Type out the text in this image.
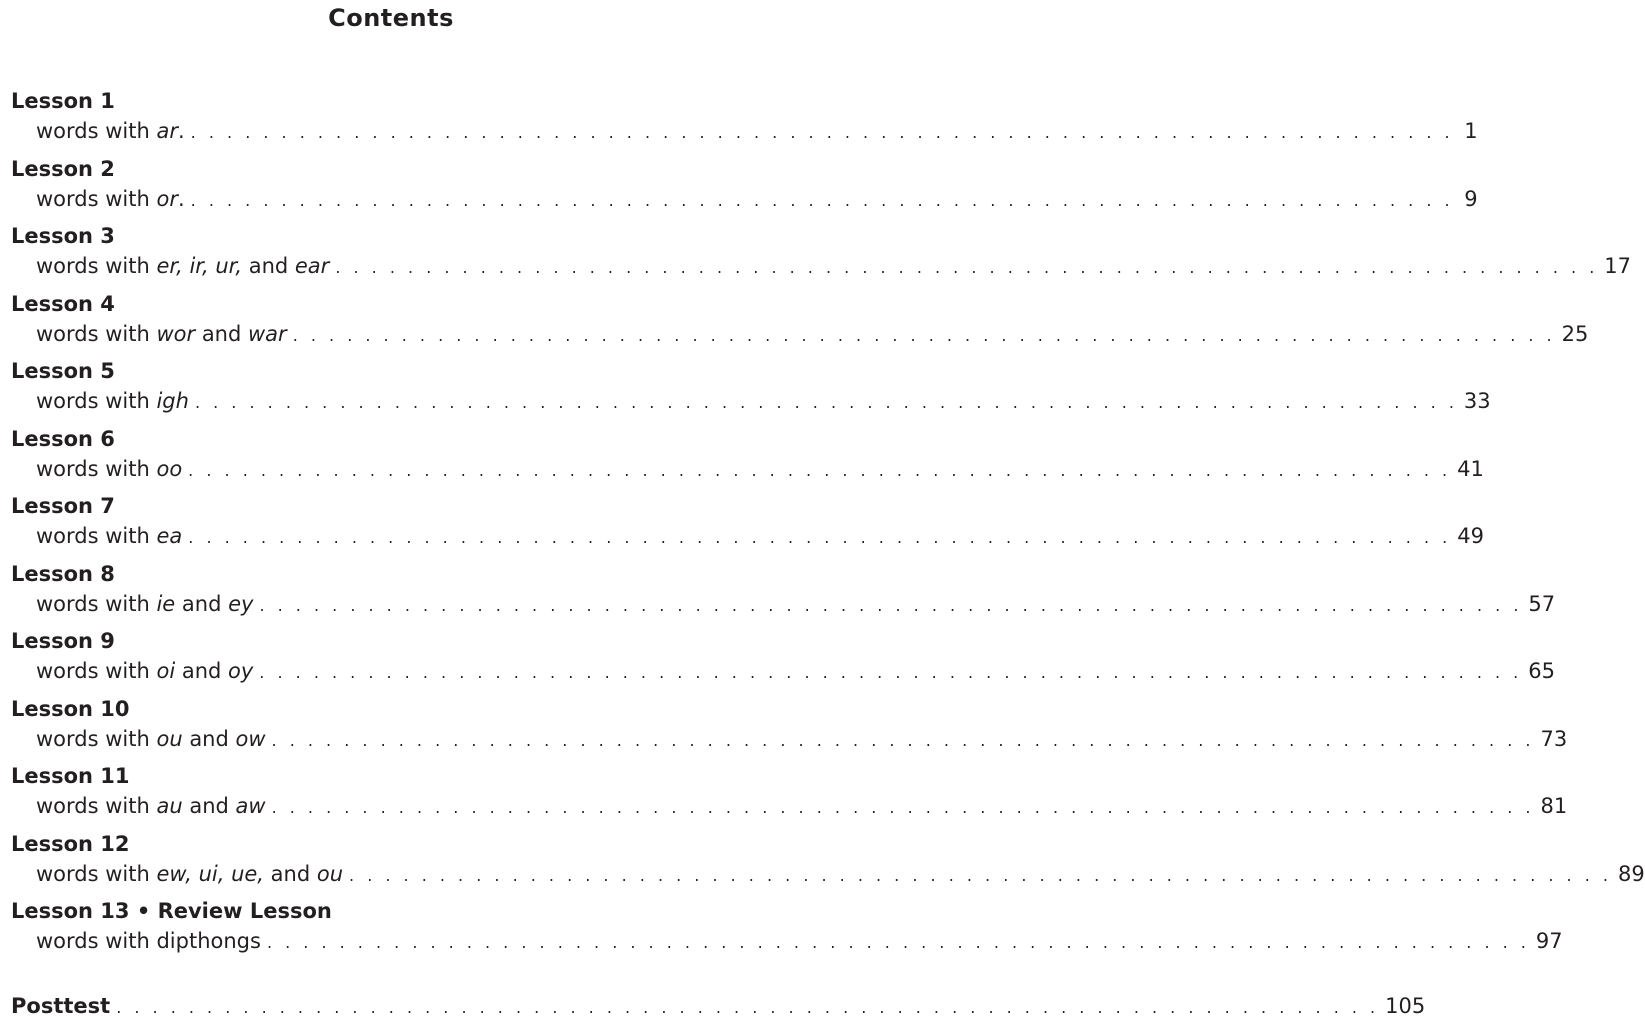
Contents
Lesson 1
words with ar. . . . . . . . . . . . . . . . . . . . . . . . . . . . . . . . . . . . . . . . . . . . . . . . . . . . . . . . . . . . . . . . . . . . . . . 1
Lesson 2
words with or. . . . . . . . . . . . . . . . . . . . . . . . . . . . . . . . . . . . . . . . . . . . . . . . . . . . . . . . . . . . . . . . . . . . . . . 9
Lesson 3
words with er, ir, ur, and ear . . . . . . . . . . . . . . . . . . . . . . . . . . . . . . . . . . . . . . . . . . . . . . . . . . . . . . . . . . . . . . . . . . . . . . 17
Lesson 4
words with wor and war . . . . . . . . . . . . . . . . . . . . . . . . . . . . . . . . . . . . . . . . . . . . . . . . . . . . . . . . . . . . . . . . . . . . . . 25
Lesson 5
words with igh . . . . . . . . . . . . . . . . . . . . . . . . . . . . . . . . . . . . . . . . . . . . . . . . . . . . . . . . . . . . . . . . . . . . . . 33
Lesson 6
words with oo . . . . . . . . . . . . . . . . . . . . . . . . . . . . . . . . . . . . . . . . . . . . . . . . . . . . . . . . . . . . . . . . . . . . . . 41
Lesson 7
words with ea . . . . . . . . . . . . . . . . . . . . . . . . . . . . . . . . . . . . . . . . . . . . . . . . . . . . . . . . . . . . . . . . . . . . . . 49
Lesson 8
words with ie and ey . . . . . . . . . . . . . . . . . . . . . . . . . . . . . . . . . . . . . . . . . . . . . . . . . . . . . . . . . . . . . . . . . . . . . . 57
Lesson 9
words with oi and oy . . . . . . . . . . . . . . . . . . . . . . . . . . . . . . . . . . . . . . . . . . . . . . . . . . . . . . . . . . . . . . . . . . . . . . 65
Lesson 10
words with ou and ow . . . . . . . . . . . . . . . . . . . . . . . . . . . . . . . . . . . . . . . . . . . . . . . . . . . . . . . . . . . . . . . . . . . . . . 73
Lesson 11
words with au and aw . . . . . . . . . . . . . . . . . . . . . . . . . . . . . . . . . . . . . . . . . . . . . . . . . . . . . . . . . . . . . . . . . . . . . . 81
Lesson 12
words with ew, ui, ue, and ou . . . . . . . . . . . . . . . . . . . . . . . . . . . . . . . . . . . . . . . . . . . . . . . . . . . . . . . . . . . . . . . . . . . . . . 89
Lesson 13 • Review Lesson
words with dipthongs . . . . . . . . . . . . . . . . . . . . . . . . . . . . . . . . . . . . . . . . . . . . . . . . . . . . . . . . . . . . . . . . . . . . . . 97
Posttest . . . . . . . . . . . . . . . . . . . . . . . . . . . . . . . . . . . . . . . . . . . . . . . . . . . . . . . . . . . . . . . . . . . . . . 105
